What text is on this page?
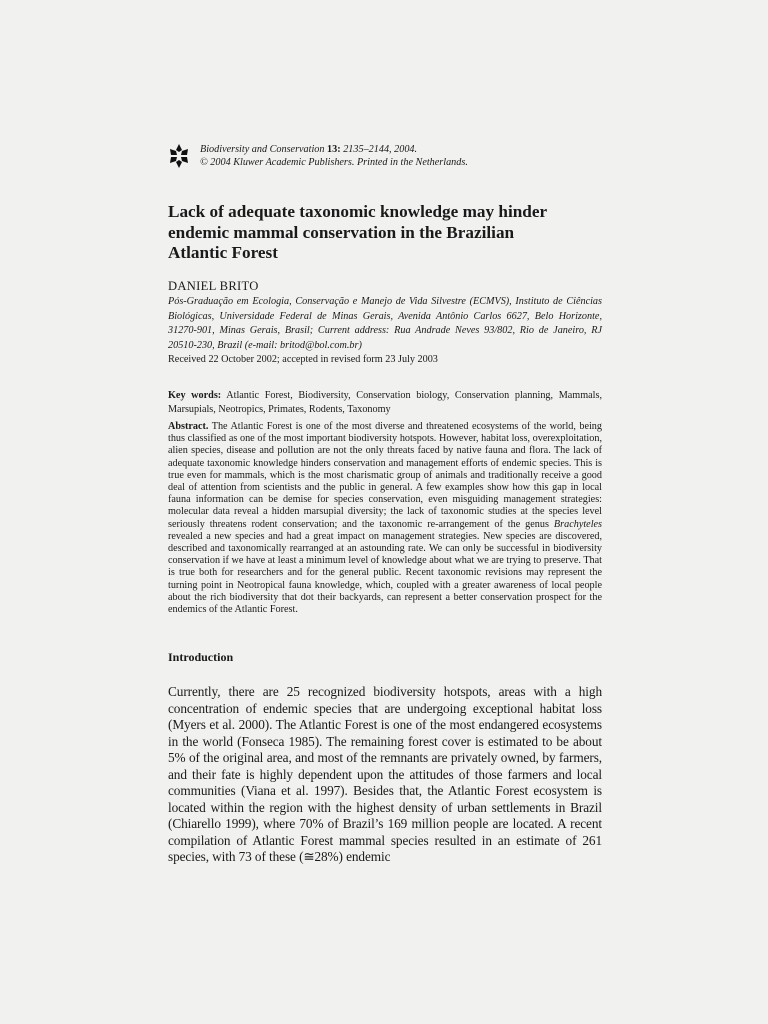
Biodiversity and Conservation 13: 2135–2144, 2004.
© 2004 Kluwer Academic Publishers. Printed in the Netherlands.
Lack of adequate taxonomic knowledge may hinder
endemic mammal conservation in the Brazilian
Atlantic Forest
DANIEL BRITO
Pós-Graduação em Ecologia, Conservação e Manejo de Vida Silvestre (ECMVS), Instituto de Ciências Biológicas, Universidade Federal de Minas Gerais, Avenida Antônio Carlos 6627, Belo Horizonte, 31270-901, Minas Gerais, Brasil; Current address: Rua Andrade Neves 93/802, Rio de Janeiro, RJ 20510-230, Brazil (e-mail: britod@bol.com.br)
Received 22 October 2002; accepted in revised form 23 July 2003
Key words: Atlantic Forest, Biodiversity, Conservation biology, Conservation planning, Mammals, Marsupials, Neotropics, Primates, Rodents, Taxonomy
Abstract. The Atlantic Forest is one of the most diverse and threatened ecosystems of the world, being thus classified as one of the most important biodiversity hotspots. However, habitat loss, overexploitation, alien species, disease and pollution are not the only threats faced by native fauna and flora. The lack of adequate taxonomic knowledge hinders conservation and management efforts of endemic species. This is true even for mammals, which is the most charismatic group of animals and traditionally receive a good deal of attention from scientists and the public in general. A few examples show how this gap in local fauna information can be demise for species conservation, even misguiding management strategies: molecular data reveal a hidden marsupial diversity; the lack of taxonomic studies at the species level seriously threatens rodent conservation; and the taxonomic re-arrangement of the genus Brachyteles revealed a new species and had a great impact on management strategies. New species are discovered, described and taxonomically rearranged at an astounding rate. We can only be successful in biodiversity conservation if we have at least a minimum level of knowledge about what we are trying to preserve. That is true both for researchers and for the general public. Recent taxonomic revisions may represent the turning point in Neotropical fauna knowledge, which, coupled with a greater awareness of local people about the rich biodiversity that dot their backyards, can represent a better conservation prospect for the endemics of the Atlantic Forest.
Introduction
Currently, there are 25 recognized biodiversity hotspots, areas with a high concentration of endemic species that are undergoing exceptional habitat loss (Myers et al. 2000). The Atlantic Forest is one of the most endangered ecosystems in the world (Fonseca 1985). The remaining forest cover is estimated to be about 5% of the original area, and most of the remnants are privately owned, by farmers, and their fate is highly dependent upon the attitudes of those farmers and local communities (Viana et al. 1997). Besides that, the Atlantic Forest ecosystem is located within the region with the highest density of urban settlements in Brazil (Chiarello 1999), where 70% of Brazil’s 169 million people are located. A recent compilation of Atlantic Forest mammal species resulted in an estimate of 261 species, with 73 of these (≅28%) endemic
